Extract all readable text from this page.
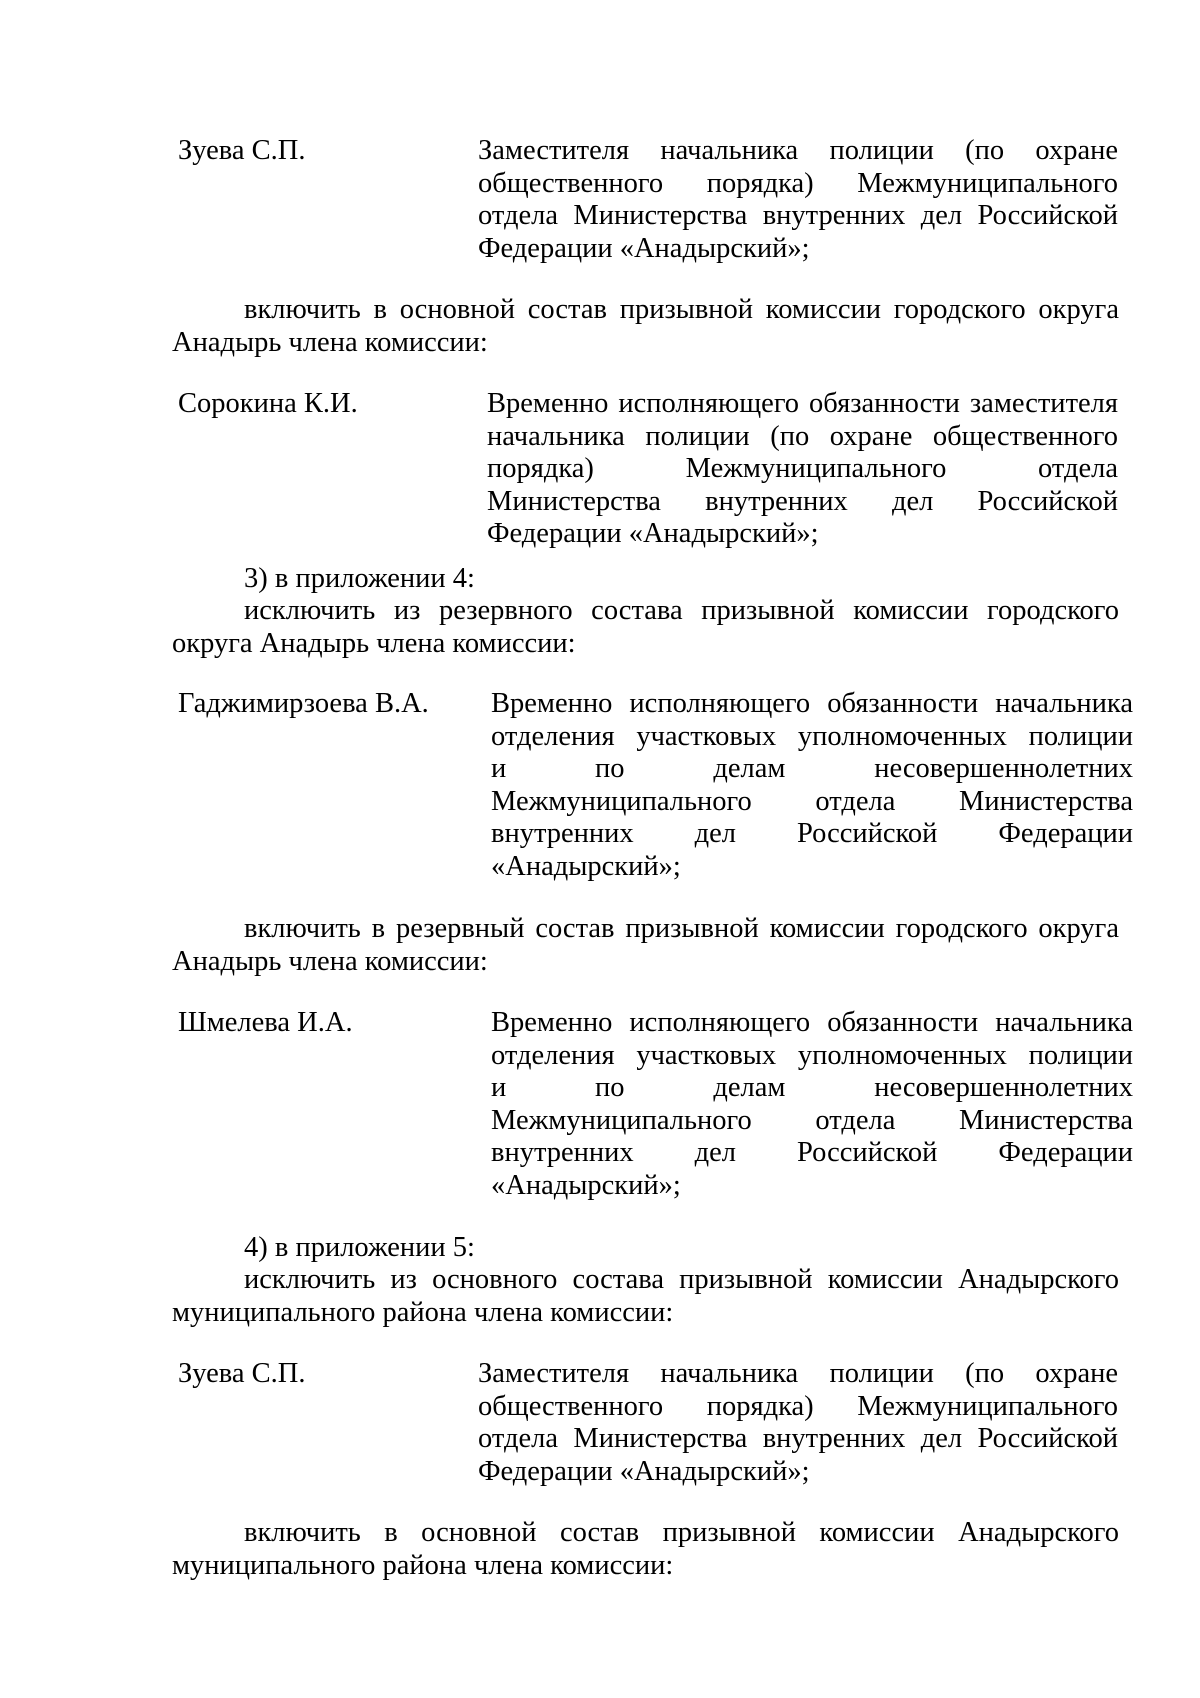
Зуева С.П.	Заместителя начальника полиции (по охране
общественного порядка) Межмуниципального
отдела Министерства внутренних дел Российской
Федерации «Анадырский»;
включить в основной состав призывной комиссии городского округа
Анадырь члена комиссии:
Сорокина К.И.	Временно исполняющего обязанности заместителя
начальника полиции (по охране общественного
порядка) Межмуниципального отдела
Министерства внутренних дел Российской
Федерации «Анадырский»;
3) в приложении 4:
исключить из резервного состава призывной комиссии городского
округа Анадырь члена комиссии:
Гаджимирзоева В.А. Временно исполняющего обязанности начальника
отделения участковых уполномоченных полиции
и по делам несовершеннолетних
Межмуниципального отдела Министерства
внутренних дел Российской Федерации
«Анадырский»;
включить в резервный состав призывной комиссии городского округа
Анадырь члена комиссии:
Шмелева И.А.	Временно исполняющего обязанности начальника
отделения участковых уполномоченных полиции
и по делам несовершеннолетних
Межмуниципального отдела Министерства
внутренних дел Российской Федерации
«Анадырский»;
4) в приложении 5:
исключить из основного состава призывной комиссии Анадырского
муниципального района члена комиссии:
Зуева С.П.	Заместителя начальника полиции (по охране
общественного порядка) Межмуниципального
отдела Министерства внутренних дел Российской
Федерации «Анадырский»;
включить в основной состав призывной комиссии Анадырского
муниципального района члена комиссии:
